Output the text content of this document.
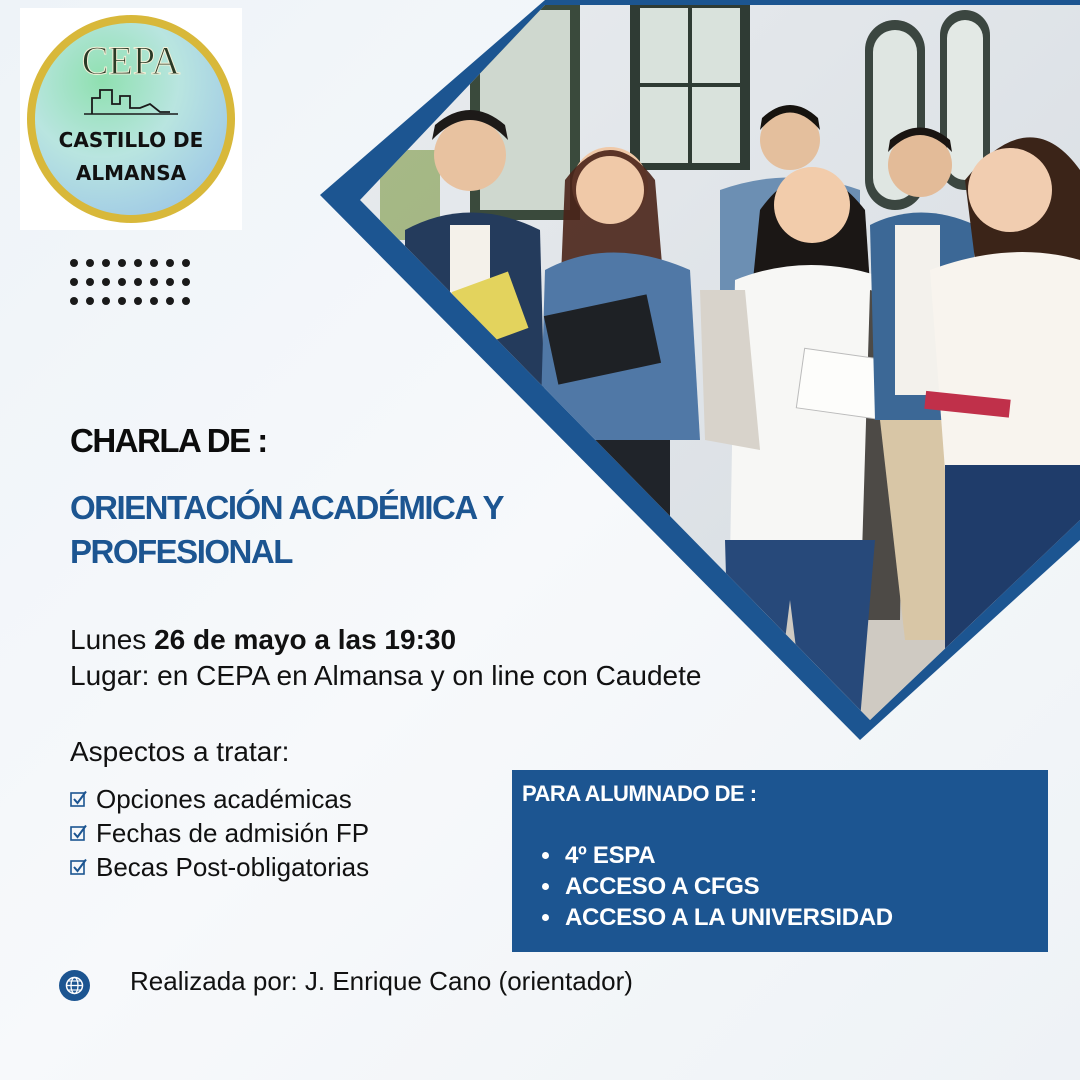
CEPA
CASTILLO DE
ALMANSA
CHARLA DE :
ORIENTACIÓN ACADÉMICA Y
PROFESIONAL
Lunes 26 de mayo a las 19:30
Lugar: en CEPA en Almansa y on line con Caudete
Aspectos a tratar:
Opciones académicas
Fechas de admisión FP
Becas Post-obligatorias
PARA ALUMNADO DE :
4º ESPA
ACCESO A CFGS
ACCESO A LA UNIVERSIDAD
Realizada por: J. Enrique Cano (orientador)
